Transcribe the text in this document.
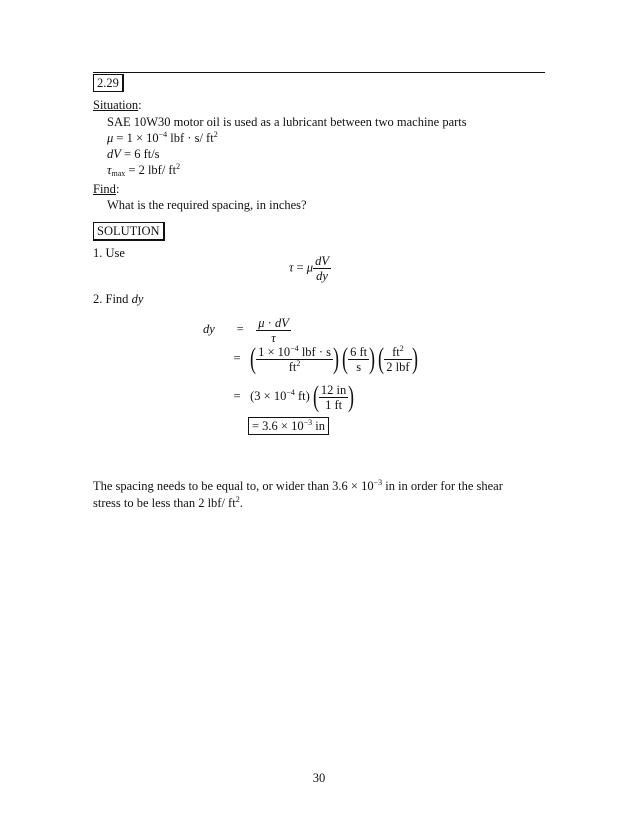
2.29
Situation:
SAE 10W30 motor oil is used as a lubricant between two machine parts
$\mu = 1 \times 10^{-4}$ lbf · s/ $ft^2$
dV = 6 ft/s
$\tau_{max} = 2$ lbf/ $ft^2$
Find:
What is the required spacing, in inches?
SOLUTION
1. Use
τ = μ $\frac{dV}{dy}$
2. Find dy
dy = $\frac{\mu \cdot dV}{\tau}$
= ( $\frac{1 \times 10^{-4} lbf \cdot s}{ft^2}$ ) ( $\frac{6 ft}{s}$ ) ( $\frac{ft^2}{\text{2 lbf}}$ )
= ($3 \times 10^{-4}$ ft) ( $\frac{12 in}{1 ft}$ )
= $3.6 \times 10^{-3}$ in
The spacing needs to be equal to, or wider than $3.6 \times 10^{-3}$ in in order for the shear
stress to be less than 2 lbf/ $ft^2$.
30
